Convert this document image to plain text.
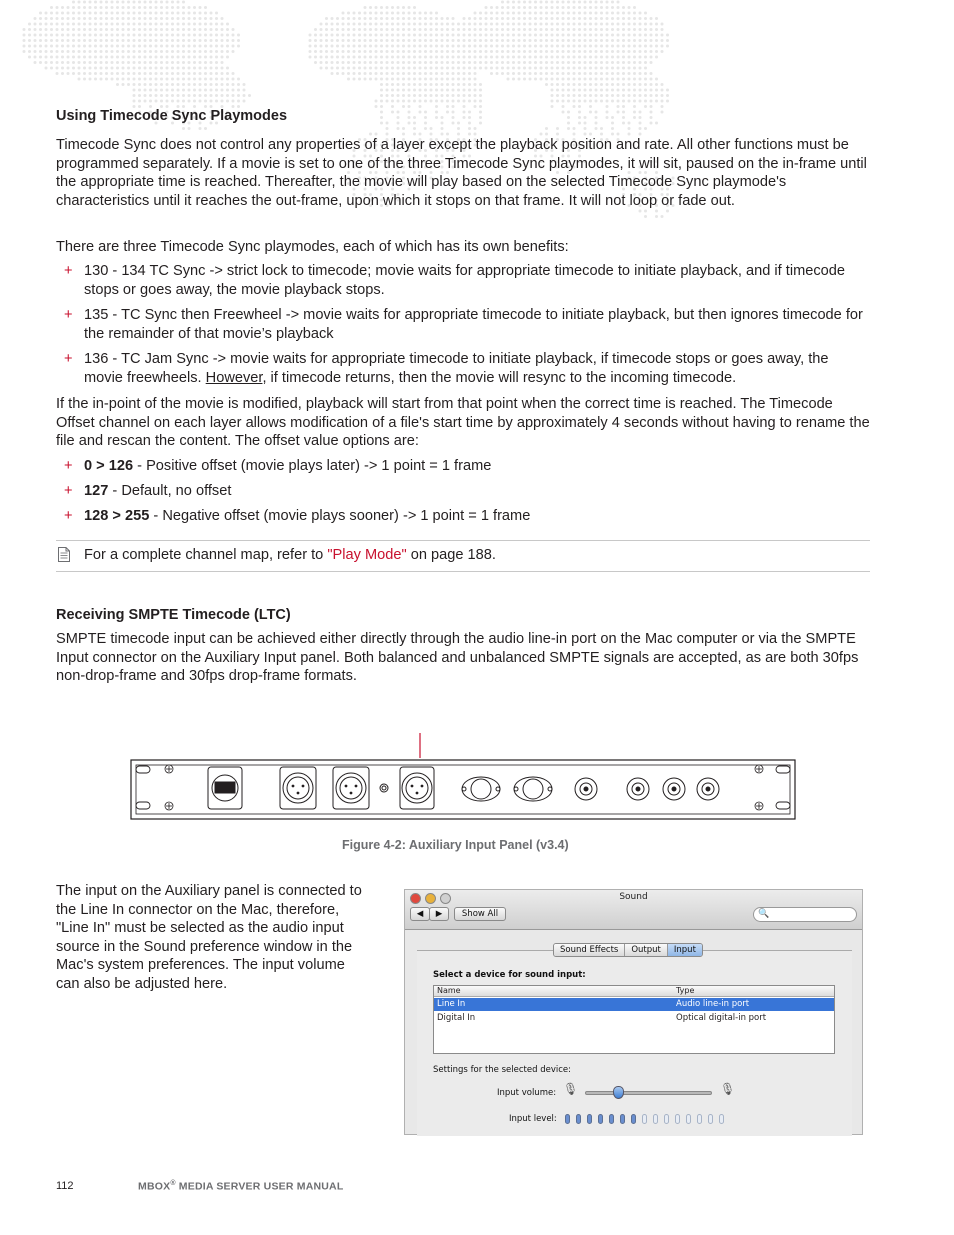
Using Timecode Sync Playmodes
Timecode Sync does not control any properties of a layer except the playback position and rate. All other functions must be programmed separately. If a movie is set to one of the three Timecode Sync playmodes, it will sit, paused on the in-frame until the appropriate time is reached. Thereafter, the movie will play based on the selected Timecode Sync playmode's characteristics until it reaches the out-frame, upon which it stops on that frame. It will not loop or fade out.
There are three Timecode Sync playmodes, each of which has its own benefits:
+ 130 - 134 TC Sync -> strict lock to timecode; movie waits for appropriate timecode to initiate playback, and if timecode stops or goes away, the movie playback stops.
+ 135 - TC Sync then Freewheel -> movie waits for appropriate timecode to initiate playback, but then ignores timecode for the remainder of that movie’s playback
+ 136 - TC Jam Sync -> movie waits for appropriate timecode to initiate playback, if timecode stops or goes away, the movie freewheels. However, if timecode returns, then the movie will resync to the incoming timecode.
If the in-point of the movie is modified, playback will start from that point when the correct time is reached. The Timecode Offset channel on each layer allows modification of a file's start time by approximately 4 seconds without having to rename the file and rescan the content. The offset value options are:
+ 0 > 126 - Positive offset (movie plays later) -> 1 point = 1 frame
+ 127 - Default, no offset
+ 128 > 255 - Negative offset (movie plays sooner) -> 1 point = 1 frame
For a complete channel map, refer to "Play Mode" on page 188.
Receiving SMPTE Timecode (LTC)
SMPTE timecode input can be achieved either directly through the audio line-in port on the Mac computer or via the SMPTE Input connector on the Auxiliary Input panel. Both balanced and unbalanced SMPTE signals are accepted, as are both 30fps non-drop-frame and 30fps drop-frame formats.
Figure 4-2: Auxiliary Input Panel (v3.4)
The input on the Auxiliary panel is connected to the Line In connector on the Mac, therefore, "Line In" must be selected as the audio input source in the Sound preference window in the Mac's system preferences. The input volume can also be adjusted here.
Sound
◀	▶	Show All	🔍
Sound Effects	Output	Input
Select a device for sound input:
Name	Type
Line In	Audio line-in port
Digital In	Optical digital-in port
Settings for the selected device:
Input volume: 🎙	🎙
Input level:
112	MBOX® MEDIA SERVER USER MANUAL
